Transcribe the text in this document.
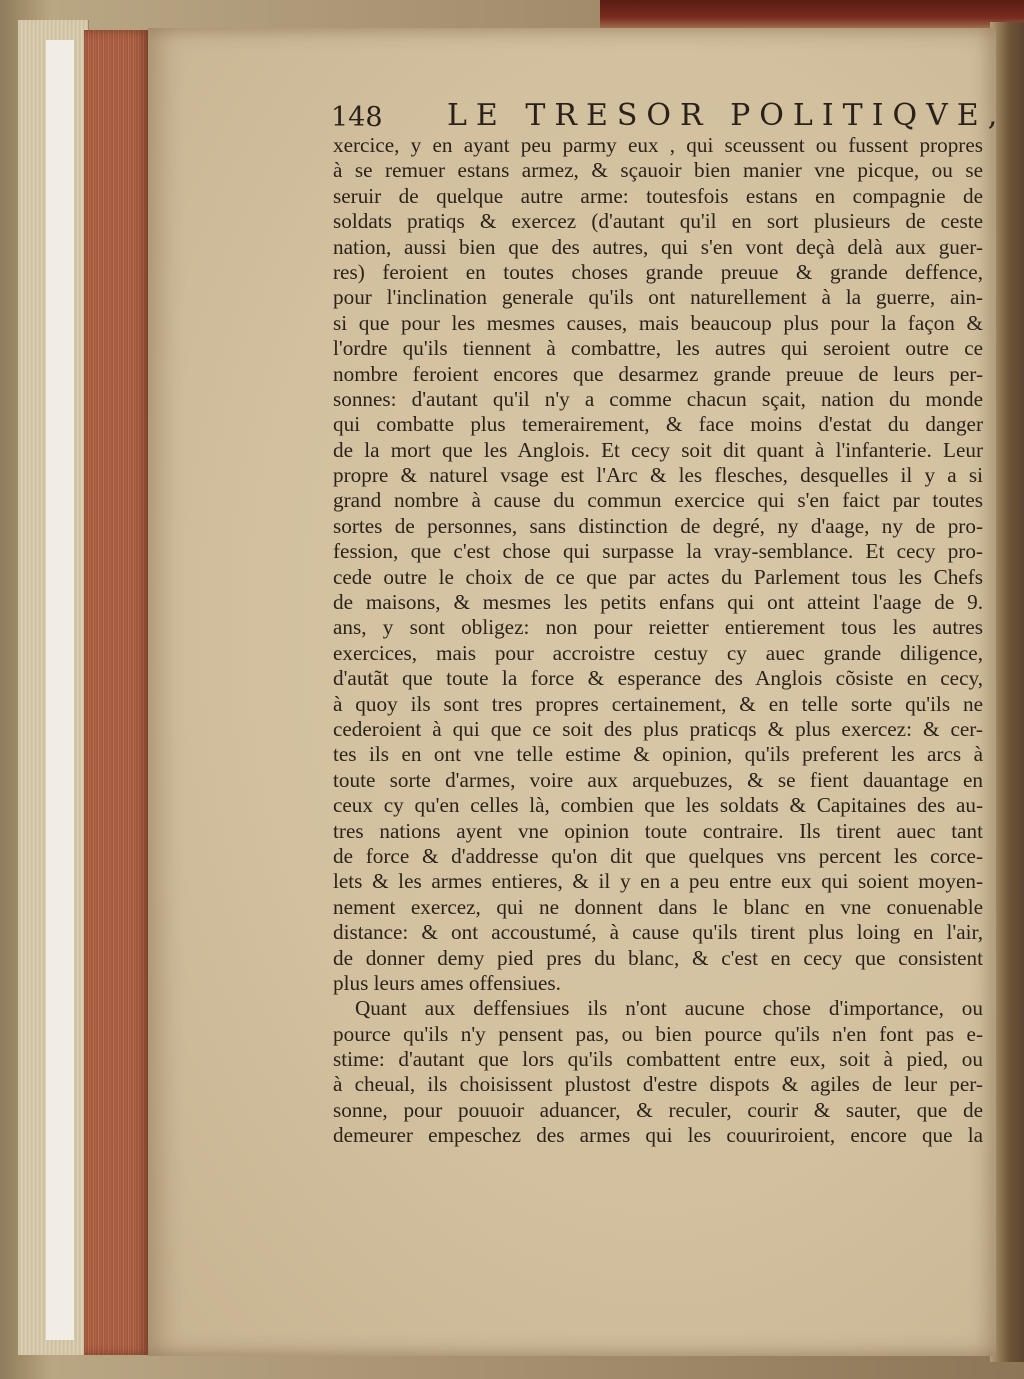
148 LE TRESOR POLITIQVE,
xercice, y en ayant peu parmy eux , qui sceussent ou fussent propres
à se remuer estans armez, & sçauoir bien manier vne picque, ou se
seruir de quelque autre arme: toutesfois estans en compagnie de
soldats pratiqs & exercez (d'autant qu'il en sort plusieurs de ceste
nation, aussi bien que des autres, qui s'en vont deçà delà aux guer-
res) feroient en toutes choses grande preuue & grande deffence,
pour l'inclination generale qu'ils ont naturellement à la guerre, ain-
si que pour les mesmes causes, mais beaucoup plus pour la façon &
l'ordre qu'ils tiennent à combattre, les autres qui seroient outre ce
nombre feroient encores que desarmez grande preuue de leurs per-
sonnes: d'autant qu'il n'y a comme chacun sçait, nation du monde
qui combatte plus temerairement, & face moins d'estat du danger
de la mort que les Anglois. Et cecy soit dit quant à l'infanterie. Leur
propre & naturel vsage est l'Arc & les flesches, desquelles il y a si
grand nombre à cause du commun exercice qui s'en faict par toutes
sortes de personnes, sans distinction de degré, ny d'aage, ny de pro-
fession, que c'est chose qui surpasse la vray-semblance. Et cecy pro-
cede outre le choix de ce que par actes du Parlement tous les Chefs
de maisons, & mesmes les petits enfans qui ont atteint l'aage de 9.
ans, y sont obligez: non pour reietter entierement tous les autres
exercices, mais pour accroistre cestuy cy auec grande diligence,
d'autãt que toute la force & esperance des Anglois cõsiste en cecy,
à quoy ils sont tres propres certainement, & en telle sorte qu'ils ne
cederoient à qui que ce soit des plus praticqs & plus exercez: & cer-
tes ils en ont vne telle estime & opinion, qu'ils preferent les arcs à
toute sorte d'armes, voire aux arquebuzes, & se fient dauantage en
ceux cy qu'en celles là, combien que les soldats & Capitaines des au-
tres nations ayent vne opinion toute contraire. Ils tirent auec tant
de force & d'addresse qu'on dit que quelques vns percent les corce-
lets & les armes entieres, & il y en a peu entre eux qui soient moyen-
nement exercez, qui ne donnent dans le blanc en vne conuenable
distance: & ont accoustumé, à cause qu'ils tirent plus loing en l'air,
de donner demy pied pres du blanc, & c'est en cecy que consistent
plus leurs ames offensiues.
Quant aux deffensiues ils n'ont aucune chose d'importance, ou
pource qu'ils n'y pensent pas, ou bien pource qu'ils n'en font pas e-
stime: d'autant que lors qu'ils combattent entre eux, soit à pied, ou
à cheual, ils choisissent plustost d'estre dispots & agiles de leur per-
sonne, pour pouuoir aduancer, & reculer, courir & sauter, que de
demeurer empeschez des armes qui les couuriroient, encore que la
